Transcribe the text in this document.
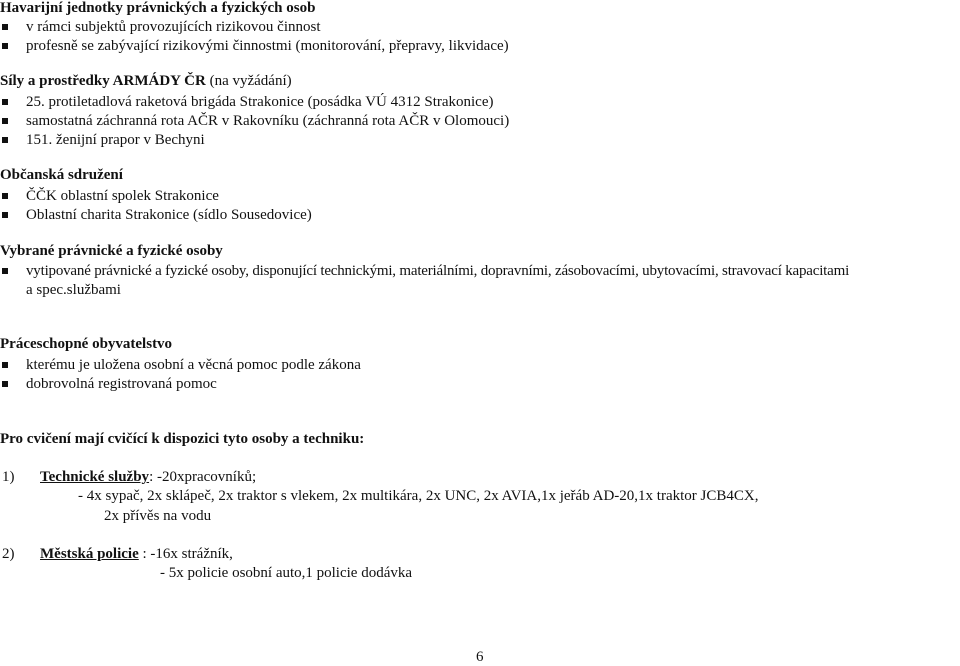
Havarijní jednotky právnických a fyzických osob
v rámci subjektů provozujících rizikovou činnost
profesně se zabývající rizikovými činnostmi (monitorování, přepravy, likvidace)
Síly a prostředky ARMÁDY ČR (na vyžádání)
25. protiletadlová raketová brigáda Strakonice (posádka VÚ 4312 Strakonice)
samostatná záchranná rota AČR v Rakovníku (záchranná rota AČR v Olomouci)
151. ženijní prapor v Bechyni
Občanská sdružení
ČČK oblastní spolek Strakonice
Oblastní charita Strakonice (sídlo Sousedovice)
Vybrané právnické a fyzické osoby
vytipované právnické a fyzické osoby, disponující technickými, materiálními, dopravními, zásobovacími, ubytovacími, stravovací kapacitami
a spec.službami
Práceschopné obyvatelstvo
kterému je uložena osobní a věcná pomoc podle zákona
dobrovolná registrovaná pomoc
Pro cvičení mají cvičící k dispozici tyto osoby a techniku:
1) Technické služby: -20xpracovníků;
- 4x sypač, 2x sklápeč, 2x traktor s vlekem, 2x multikára, 2x UNC, 2x AVIA,1x jeřáb AD-20,1x traktor JCB4CX,
2x přívěs na vodu
2) Městská policie : -16x strážník,
- 5x policie osobní auto,1 policie dodávka
6
